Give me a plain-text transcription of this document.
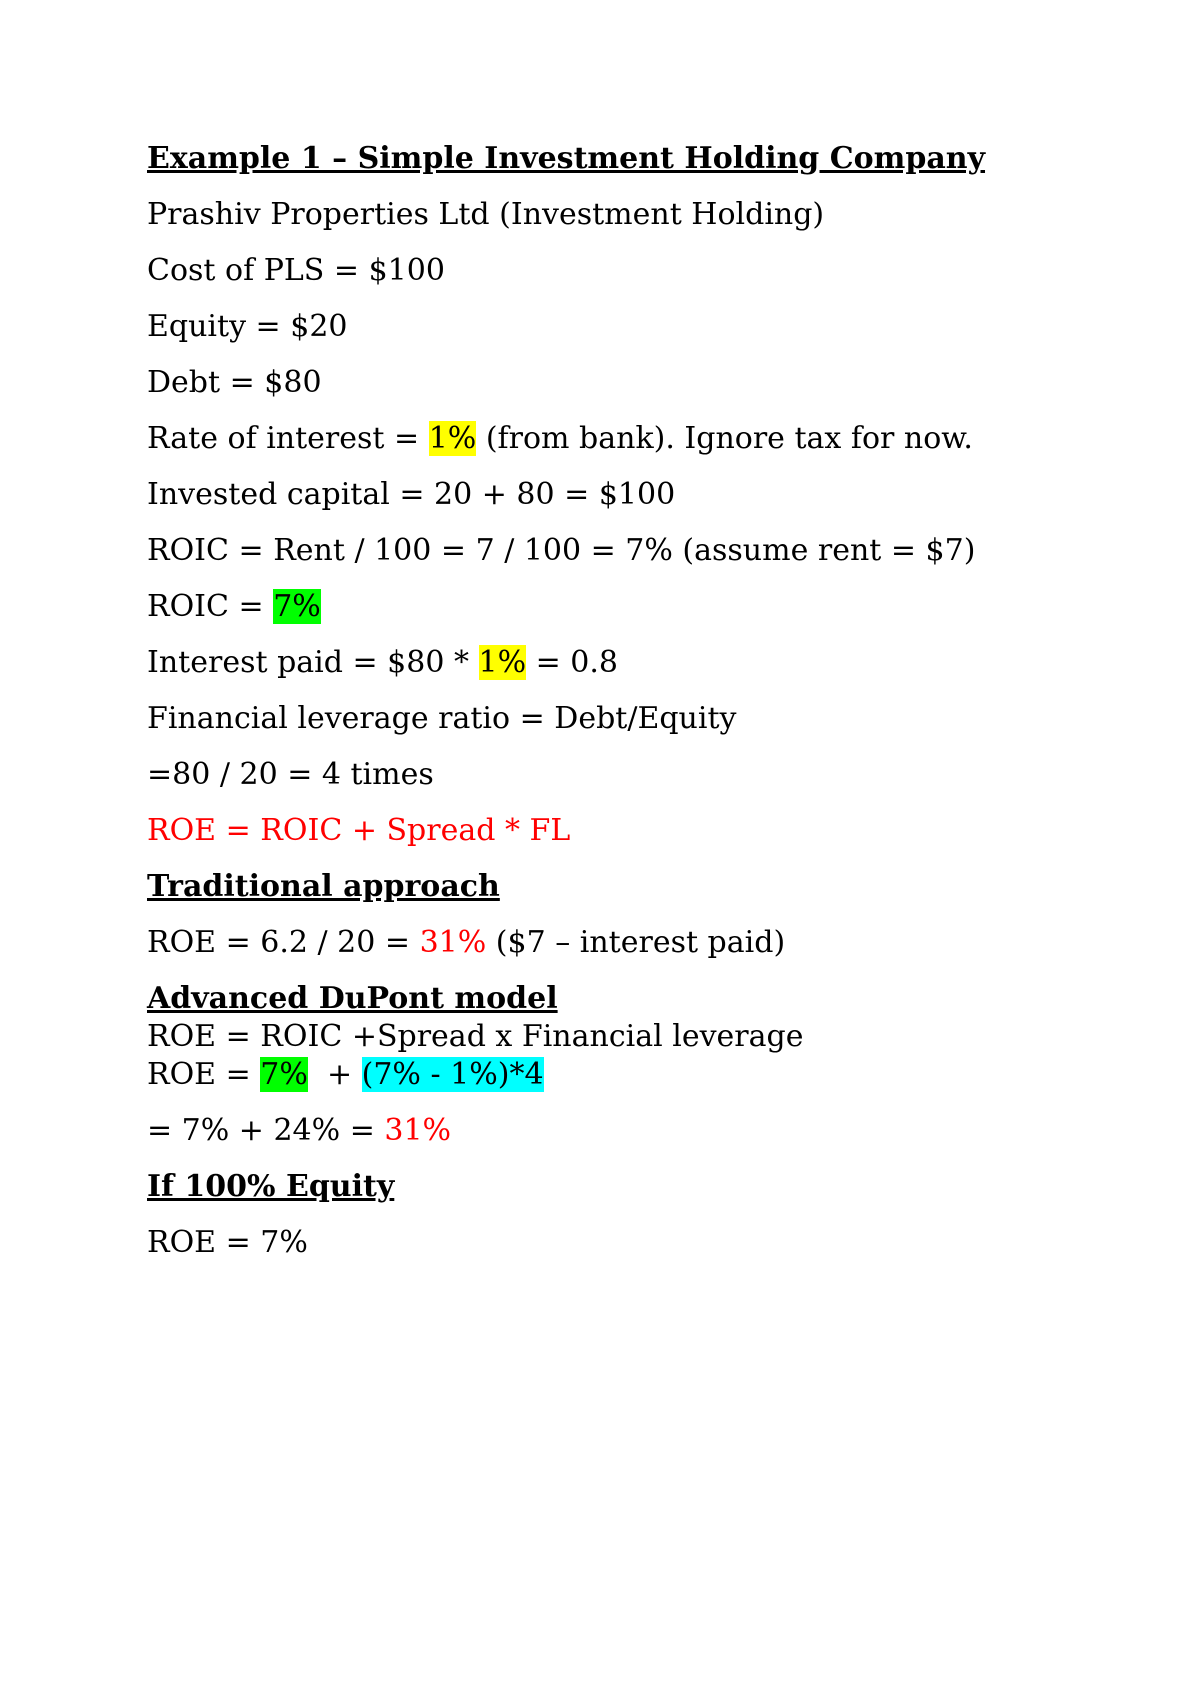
Example 1 – Simple Investment Holding Company
Prashiv Properties Ltd (Investment Holding)
Cost of PLS = $100
Equity = $20
Debt = $80
Rate of interest = 1% (from bank). Ignore tax for now.
Invested capital = 20 + 80 = $100
ROIC = Rent / 100 = 7 / 100 = 7% (assume rent = $7)
ROIC = 7%
Interest paid = $80 * 1% = 0.8
Financial leverage ratio = Debt/Equity
=80 / 20 = 4 times
ROE = ROIC + Spread * FL
Traditional approach
ROE = 6.2 / 20 = 31% ($7 – interest paid)
Advanced DuPont model
ROE = ROIC +Spread x Financial leverage
ROE = 7%  + (7% - 1%)*4
= 7% + 24% = 31%
If 100% Equity
ROE = 7%
